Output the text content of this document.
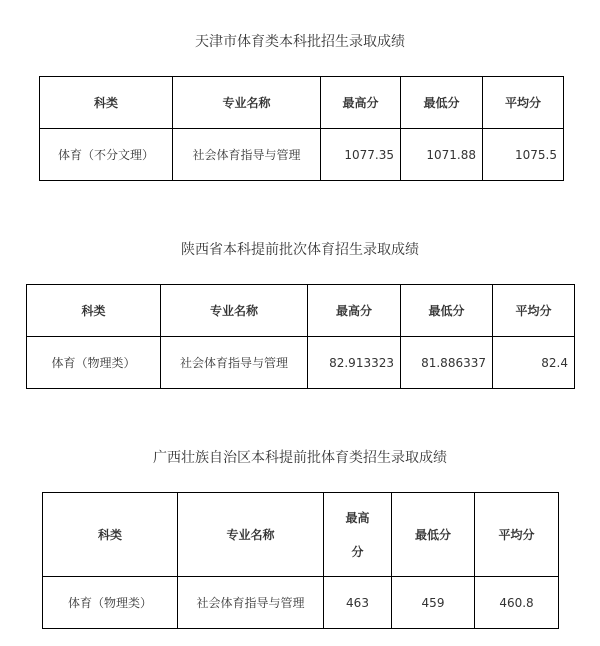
天津市体育类本科批招生录取成绩
科类	专业名称	最高分	最低分	平均分
体育（不分文理）	社会体育指导与管理	1077.35	1071.88	1075.5
陕西省本科提前批次体育招生录取成绩
科类	专业名称	最高分	最低分	平均分
体育（物理类）	社会体育指导与管理	82.913323	81.886337	82.4
广西壮族自治区本科提前批体育类招生录取成绩
科类	专业名称	最高分	最低分	平均分
体育（物理类）	社会体育指导与管理	463	459	460.8
